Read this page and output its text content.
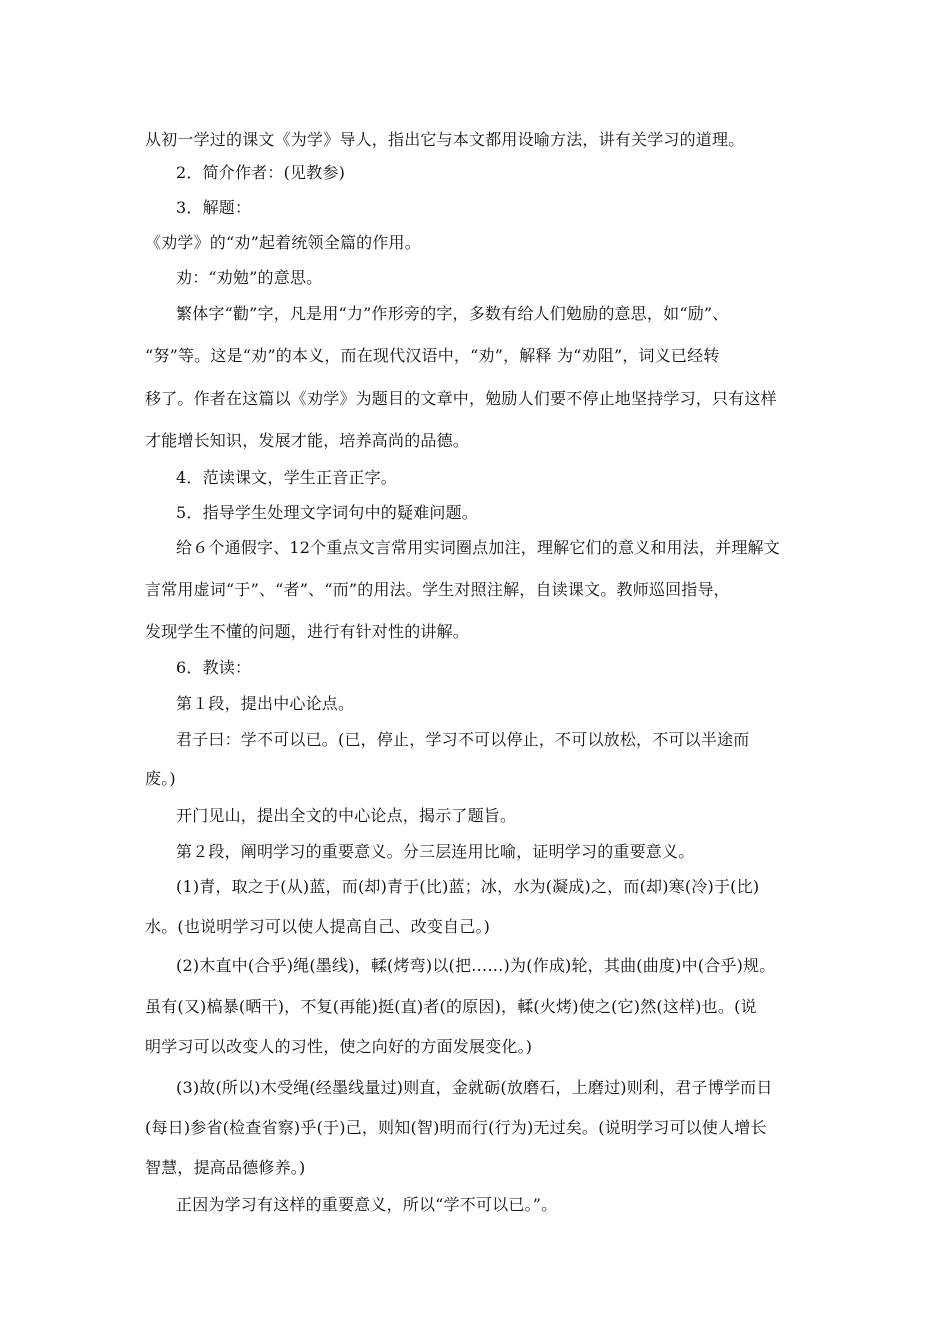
从初一学过的课文《为学》导人，指出它与本文都用设喻方法，讲有关学习的道理。
2．简介作者：(见教参)
3．解题：
《劝学》的“劝”起着统领全篇的作用。
劝：“劝勉”的意思。
繁体字“勸”字，凡是用“力”作形旁的字，多数有给人们勉励的意思，如“励”、
“努”等。这是“劝”的本义，而在现代汉语中，“劝”，解释 为“劝阻”，词义已经转
移了。作者在这篇以《劝学》为题目的文章中，勉励人们要不停止地坚持学习，只有这样
才能增长知识，发展才能，培养高尚的品德。
4．范读课文，学生正音正字。
5．指导学生处理文字词句中的疑难问题。
给６个通假字、12个重点文言常用实词圈点加注，理解它们的意义和用法，并理解文
言常用虚词“于”、“者”、“而”的用法。学生对照注解，自读课文。教师巡回指导，
发现学生不懂的问题，进行有针对性的讲解。
6．教读：
第１段，提出中心论点。
君子曰：学不可以已。(已，停止，学习不可以停止，不可以放松，不可以半途而
废。)
开门见山，提出全文的中心论点，揭示了题旨。
第２段，阐明学习的重要意义。分三层连用比喻，证明学习的重要意义。
(1)青，取之于(从)蓝，而(却)青于(比)蓝；冰，水为(凝成)之，而(却)寒(冷)于(比)
水。(也说明学习可以使人提高自己、改变自己。)
(2)木直中(合乎)绳(墨线)，輮(烤弯)以(把……)为(作成)轮，其曲(曲度)中(合乎)规。
虽有(又)槁暴(晒干)，不复(再能)挺(直)者(的原因)，輮(火烤)使之(它)然(这样)也。(说
明学习可以改变人的习性，使之向好的方面发展变化。)
(3)故(所以)木受绳(经墨线量过)则直，金就砺(放磨石，上磨过)则利，君子博学而日
(每日)参省(检查省察)乎(于)己，则知(智)明而行(行为)无过矣。(说明学习可以使人增长
智慧，提高品德修养。)
正因为学习有这样的重要意义，所以“学不可以已。”。
